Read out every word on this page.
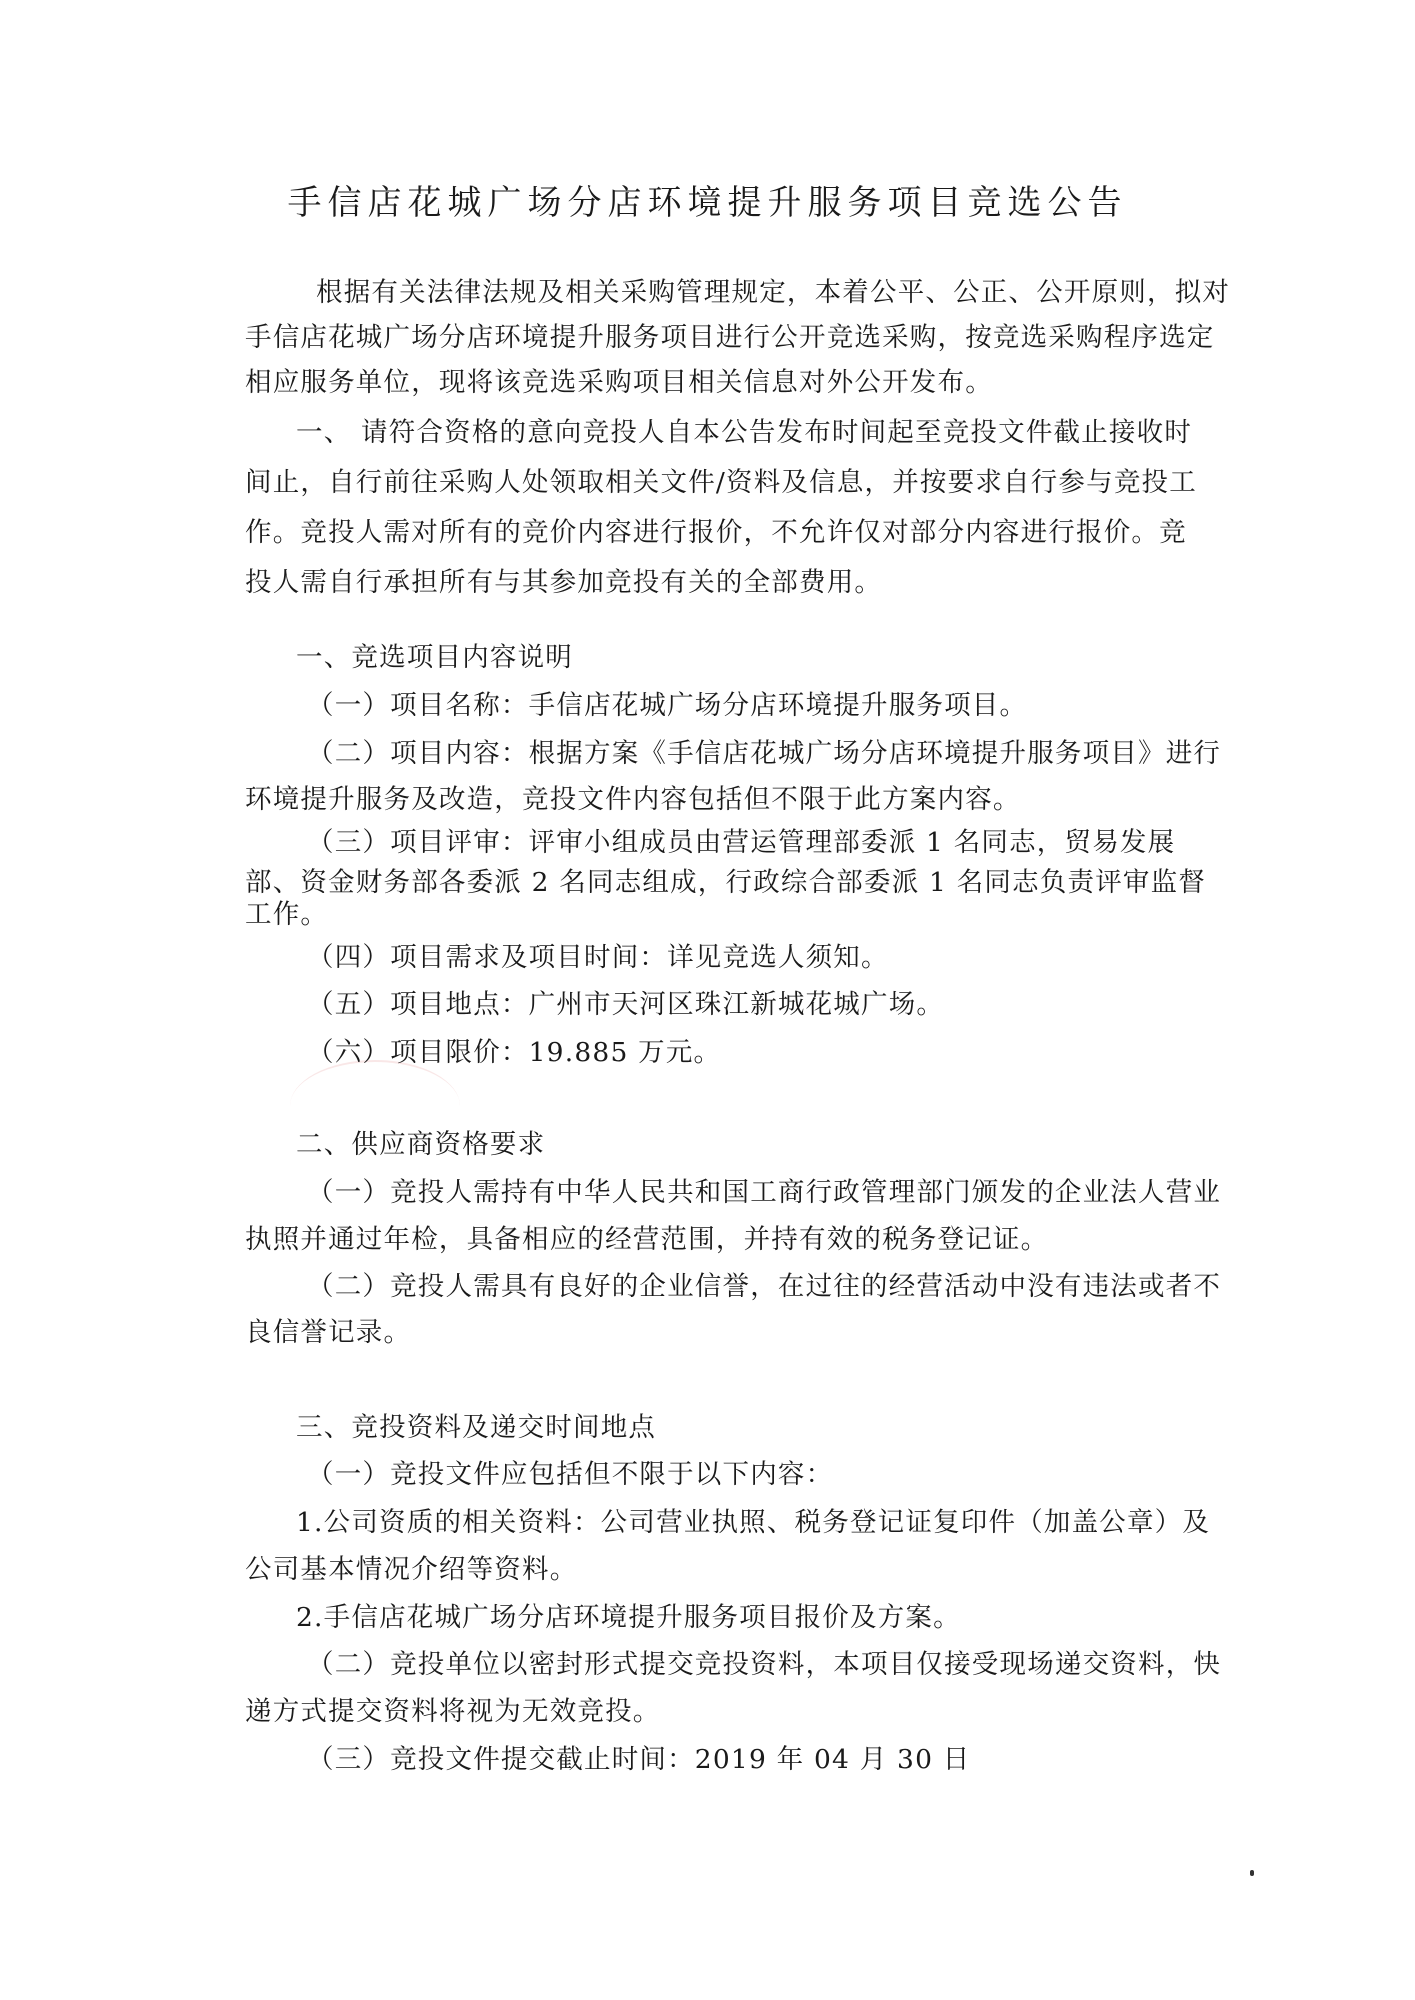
手信店花城广场分店环境提升服务项目竞选公告
根据有关法律法规及相关采购管理规定，本着公平、公正、公开原则，拟对
手信店花城广场分店环境提升服务项目进行公开竞选采购，按竞选采购程序选定
相应服务单位，现将该竞选采购项目相关信息对外公开发布。
一、 请符合资格的意向竞投人自本公告发布时间起至竞投文件截止接收时
间止，自行前往采购人处领取相关文件/资料及信息，并按要求自行参与竞投工
作。竞投人需对所有的竞价内容进行报价，不允许仅对部分内容进行报价。竞
投人需自行承担所有与其参加竞投有关的全部费用。
一、竞选项目内容说明
（一）项目名称：手信店花城广场分店环境提升服务项目。
（二）项目内容：根据方案《手信店花城广场分店环境提升服务项目》进行
环境提升服务及改造，竞投文件内容包括但不限于此方案内容。
（三）项目评审：评审小组成员由营运管理部委派 1 名同志，贸易发展
部、资金财务部各委派 2 名同志组成，行政综合部委派 1 名同志负责评审监督
工作。
（四）项目需求及项目时间：详见竞选人须知。
（五）项目地点：广州市天河区珠江新城花城广场。
（六）项目限价：19.885 万元。
二、供应商资格要求
（一）竞投人需持有中华人民共和国工商行政管理部门颁发的企业法人营业
执照并通过年检，具备相应的经营范围，并持有效的税务登记证。
（二）竞投人需具有良好的企业信誉，在过往的经营活动中没有违法或者不
良信誉记录。
三、竞投资料及递交时间地点
（一）竞投文件应包括但不限于以下内容：
1.公司资质的相关资料：公司营业执照、税务登记证复印件（加盖公章）及
公司基本情况介绍等资料。
2.手信店花城广场分店环境提升服务项目报价及方案。
（二）竞投单位以密封形式提交竞投资料，本项目仅接受现场递交资料，快
递方式提交资料将视为无效竞投。
（三）竞投文件提交截止时间：2019 年 04 月 30 日
